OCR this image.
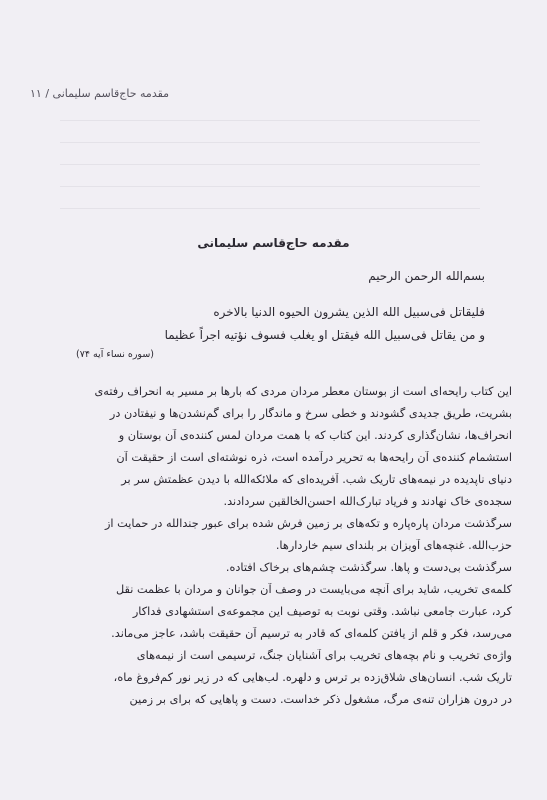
مقدمه حاج‌قاسم سلیمانی / ۱۱
مقدمه حاج‌قاسم سلیمانی
بسم‌الله الرحمن الرحیم
فلیقاتل فی‌سبیل الله الذین یشرون الحیوه الدنیا بالاخره
و من یقاتل فی‌سبیل الله فیقتل او یغلب فسوف نؤتیه اجراً عظیما
(سوره نساء آیه ۷۴)
این کتاب رایحه‌ای است از بوستان معطر مردان مردی که بارها بر مسیر به انحراف رفته‌ی
بشریت، طریق جدیدی گشودند و خطی سرخ و ماندگار را برای گم‌نشدن‌ها و نیفتادن در
انحراف‌ها، نشان‌گذاری کردند. این کتاب که با همت مردان لمس کننده‌ی آن بوستان و
استشمام کننده‌ی آن رایحه‌ها به تحریر درآمده است، ذره نوشته‌ای است از حقیقت آن
دنیای ناپدیده در نیمه‌های تاریک شب. آفریده‌ای که ملائکه‌الله با دیدن عظمتش سر بر
سجده‌ی خاک نهادند و فریاد تبارک‌الله احسن‌الخالقین سردادند.
سرگذشت مردان پاره‌پاره و تکه‌های بر زمین فرش شده برای عبور جندالله در حمایت از
حزب‌الله. غنچه‌های آویزان بر بلندای سیم خاردارها.
سرگذشت بی‌دست و پاها. سرگذشت چشم‌های برخاک افتاده.
کلمه‌ی تخریب، شاید برای آنچه می‌بایست در وصف آن جوانان و مردان با عظمت نقل
کرد، عبارت جامعی نباشد. وقتی نوبت به توصیف این مجموعه‌ی استشهادی فداکار
می‌رسد، فکر و قلم از یافتن کلمه‌ای که قادر به ترسیم آن حقیقت باشد، عاجز می‌ماند.
واژه‌ی تخریب و نام بچه‌های تخریب برای آشنایان جنگ، ترسیمی است از نیمه‌های
تاریک شب. انسان‌های شلاق‌زده بر ترس و دلهره. لب‌هایی که در زیر نور کم‌فروغ ماه،
در درون هزاران تنه‌ی مرگ، مشغول ذکر خداست. دست و پاهایی که برای بر زمین
